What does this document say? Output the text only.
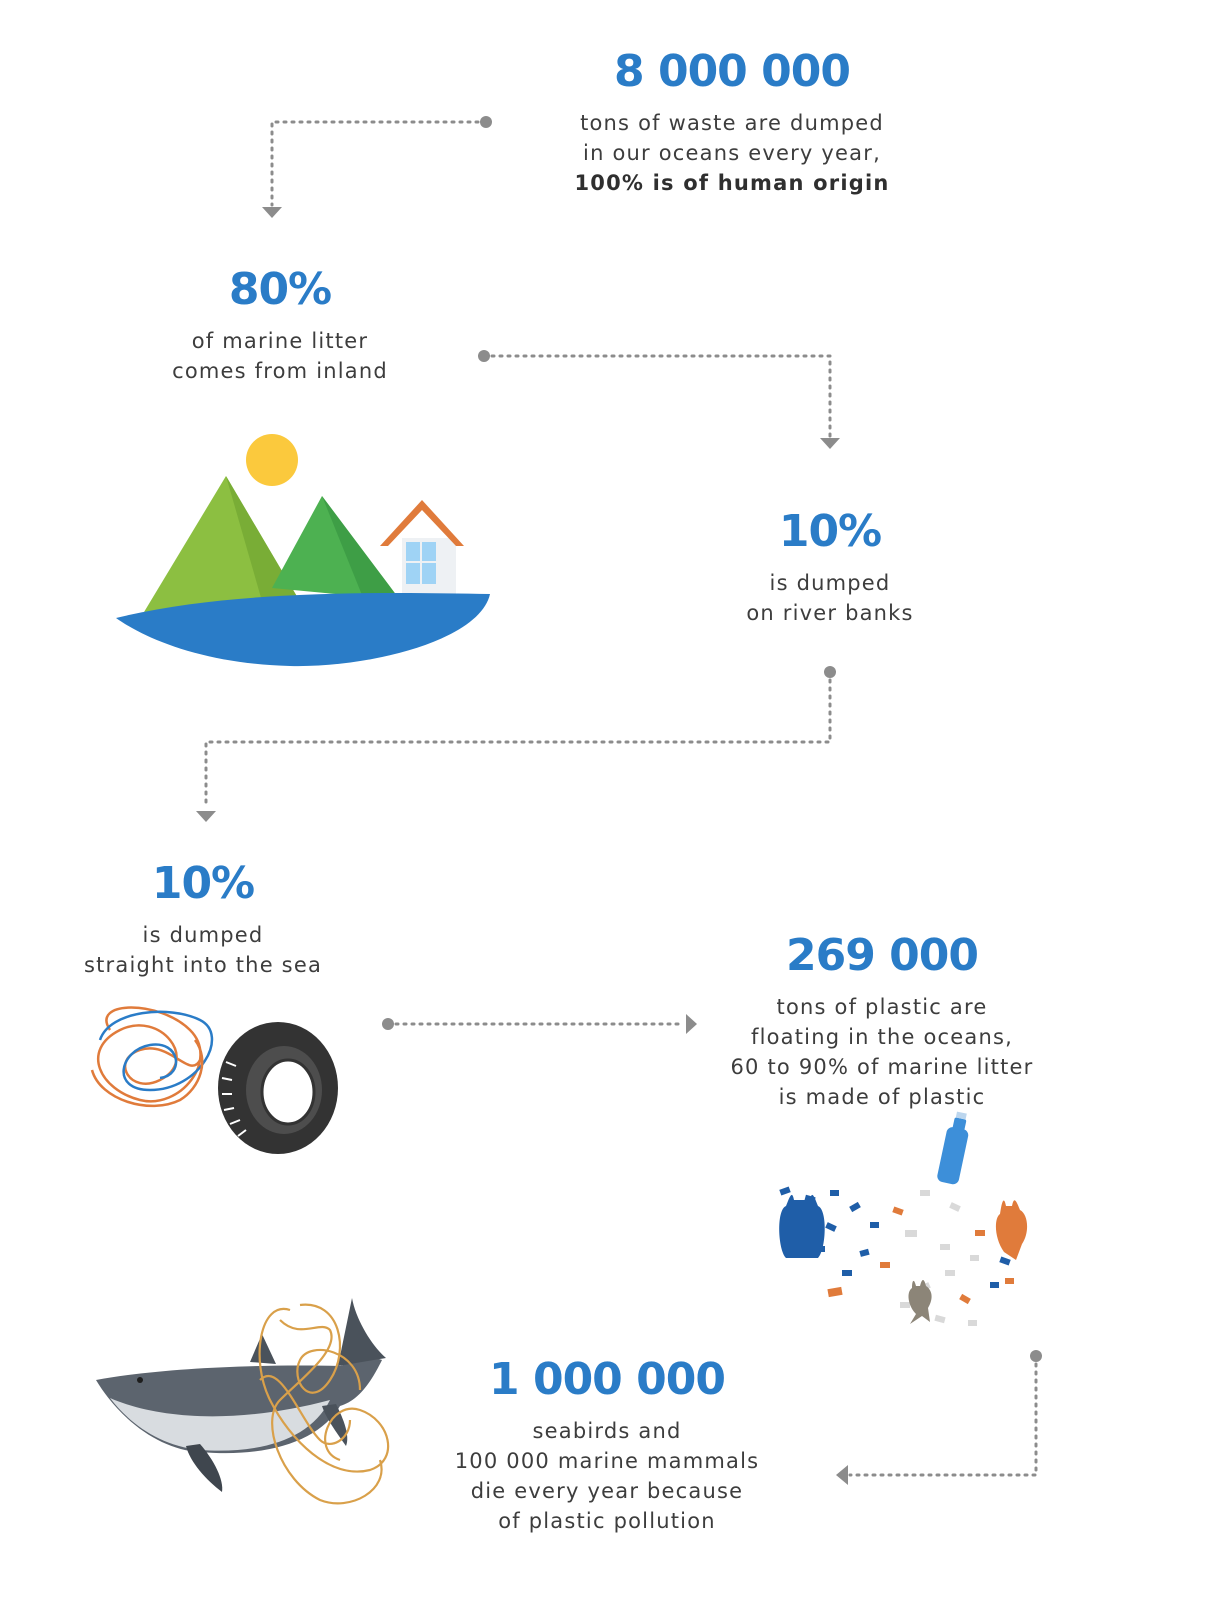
8 000 000
tons of waste are dumped
in our oceans every year,
100% is of human origin
80%
of marine litter
comes from inland
10%
is dumped
on river banks
10%
is dumped
straight into the sea	269 000
tons of plastic are
floating in the oceans,
60 to 90% of marine litter
is made of plastic
1 000 000
seabirds and
100 000 marine mammals
die every year because
of plastic pollution
